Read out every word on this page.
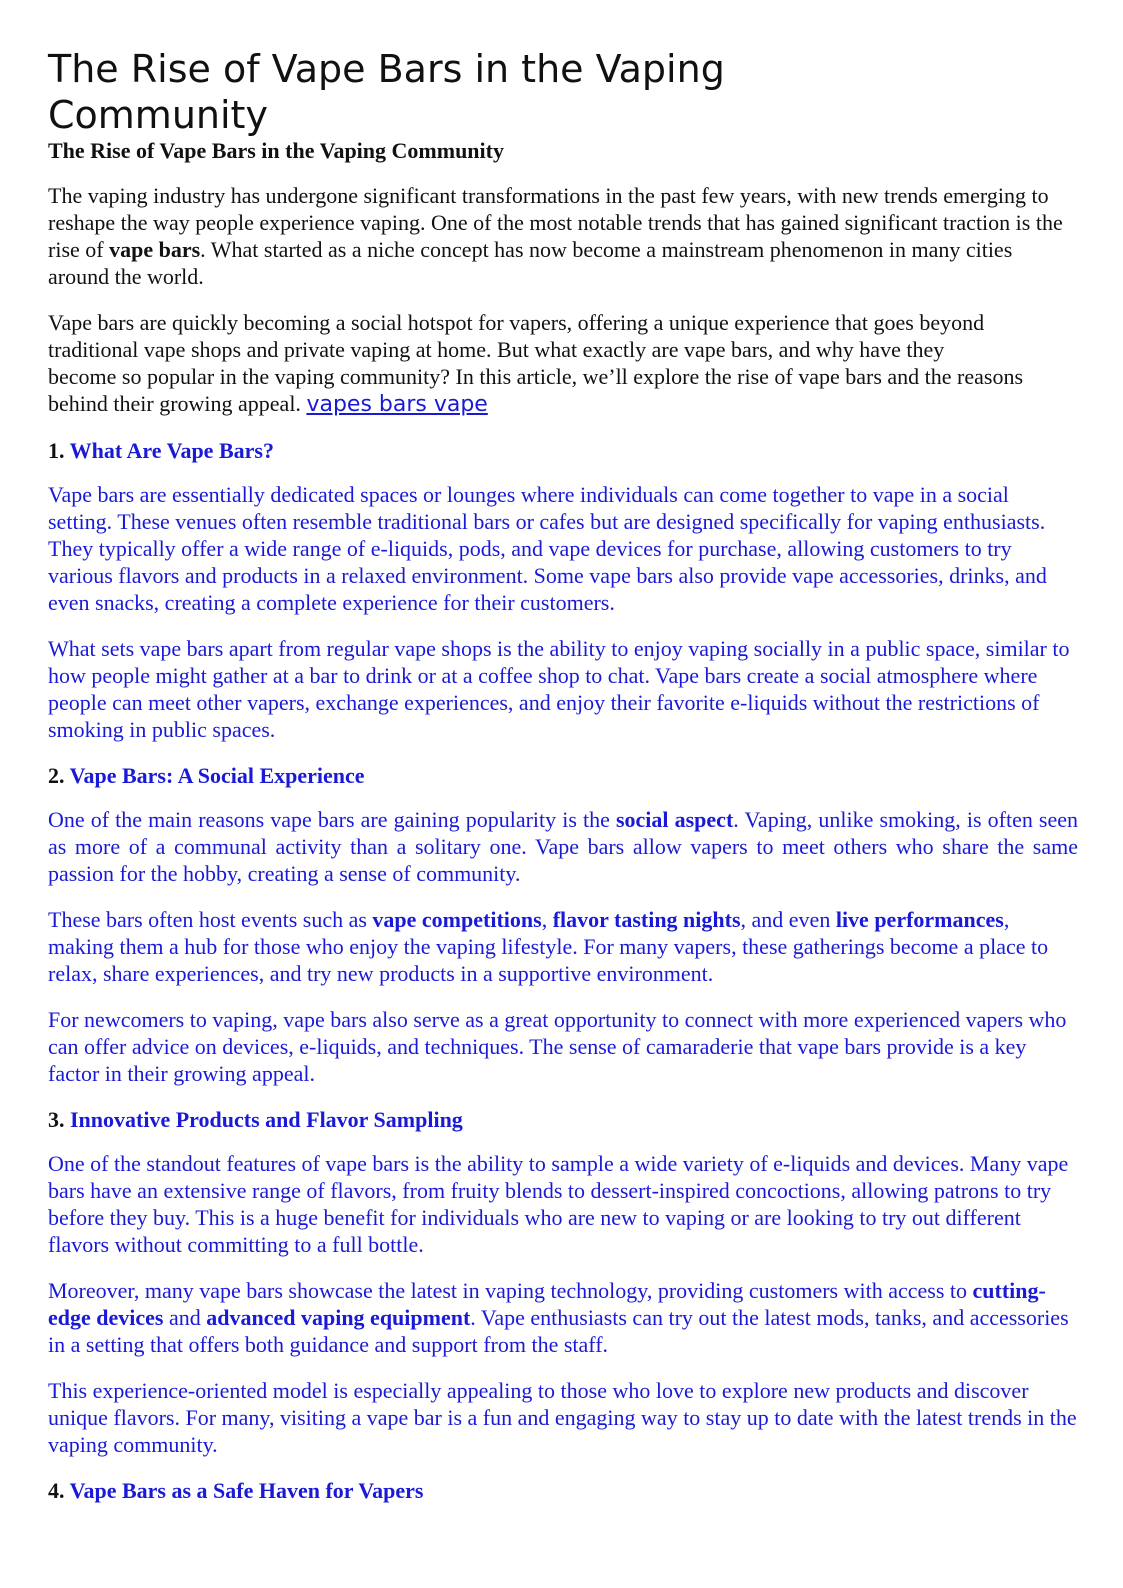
The Rise of Vape Bars in the Vaping Community
The Rise of Vape Bars in the Vaping Community

The vaping industry has undergone significant transformations in the past few years, with new trends emerging to reshape the way people experience vaping. One of the most notable trends that has gained significant traction is the rise of vape bars. What started as a niche concept has now become a mainstream phenomenon in many cities around the world.

Vape bars are quickly becoming a social hotspot for vapers, offering a unique experience that goes beyond traditional vape shops and private vaping at home. But what exactly are vape bars, and why have they
become so popular in the vaping community? In this article, we’ll explore the rise of vape bars and the reasons behind their growing appeal. vapes bars vape

1. What Are Vape Bars?

Vape bars are essentially dedicated spaces or lounges where individuals can come together to vape in a social setting. These venues often resemble traditional bars or cafes but are designed specifically for vaping enthusiasts. They typically offer a wide range of e-liquids, pods, and vape devices for purchase, allowing customers to try various flavors and products in a relaxed environment. Some vape bars also provide vape accessories, drinks, and even snacks, creating a complete experience for their customers.

What sets vape bars apart from regular vape shops is the ability to enjoy vaping socially in a public space, similar to how people might gather at a bar to drink or at a coffee shop to chat. Vape bars create a social atmosphere where people can meet other vapers, exchange experiences, and enjoy their favorite e-liquids without the restrictions of smoking in public spaces.

2. Vape Bars: A Social Experience

One of the main reasons vape bars are gaining popularity is the social aspect. Vaping, unlike smoking, is often seen as more of a communal activity than a solitary one. Vape bars allow vapers to meet others who share the same passion for the hobby, creating a sense of community.

These bars often host events such as vape competitions, flavor tasting nights, and even live performances, making them a hub for those who enjoy the vaping lifestyle. For many vapers, these gatherings become a place to relax, share experiences, and try new products in a supportive environment.

For newcomers to vaping, vape bars also serve as a great opportunity to connect with more experienced vapers who can offer advice on devices, e-liquids, and techniques. The sense of camaraderie that vape bars provide is a key factor in their growing appeal.

3. Innovative Products and Flavor Sampling

One of the standout features of vape bars is the ability to sample a wide variety of e-liquids and devices. Many vape bars have an extensive range of flavors, from fruity blends to dessert-inspired concoctions, allowing patrons to try before they buy. This is a huge benefit for individuals who are new to vaping or are looking to try out different flavors without committing to a full bottle.

Moreover, many vape bars showcase the latest in vaping technology, providing customers with access to cutting-edge devices and advanced vaping equipment. Vape enthusiasts can try out the latest mods, tanks, and accessories in a setting that offers both guidance and support from the staff.

This experience-oriented model is especially appealing to those who love to explore new products and discover unique flavors. For many, visiting a vape bar is a fun and engaging way to stay up to date with the latest trends in the vaping community.

4. Vape Bars as a Safe Haven for Vapers
